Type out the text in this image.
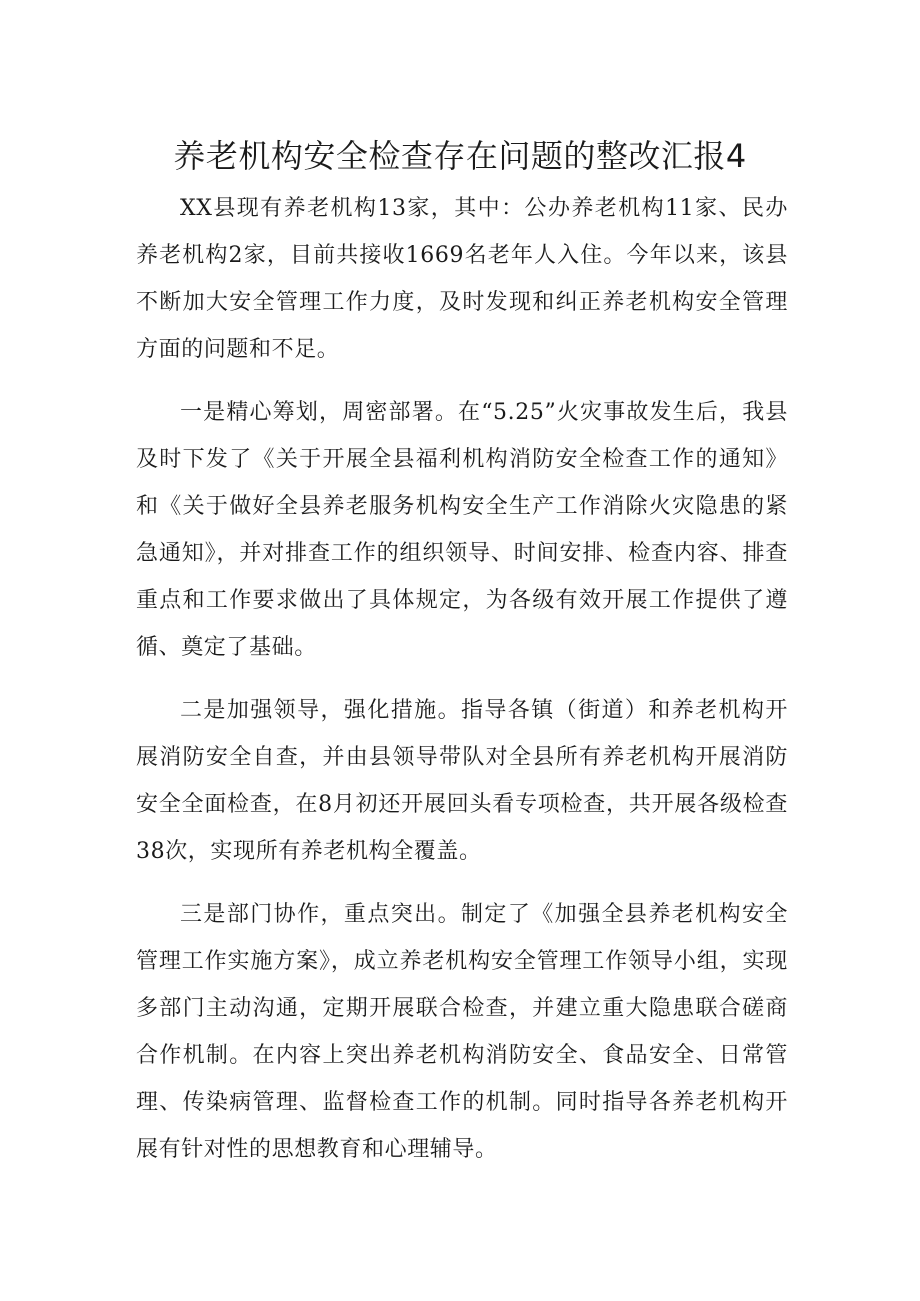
养老机构安全检查存在问题的整改汇报4

XX县现有养老机构13家，其中：公办养老机构11家、民办养老机构2家，目前共接收1669名老年人入住。今年以来，该县不断加大安全管理工作力度，及时发现和纠正养老机构安全管理方面的问题和不足。

一是精心筹划，周密部署。在“5.25”火灾事故发生后，我县及时下发了《关于开展全县福利机构消防安全检查工作的通知》和《关于做好全县养老服务机构安全生产工作消除火灾隐患的紧急通知》，并对排查工作的组织领导、时间安排、检查内容、排查重点和工作要求做出了具体规定，为各级有效开展工作提供了遵循、奠定了基础。

二是加强领导，强化措施。指导各镇（街道）和养老机构开展消防安全自查，并由县领导带队对全县所有养老机构开展消防安全全面检查，在8月初还开展回头看专项检查，共开展各级检查38次，实现所有养老机构全覆盖。

三是部门协作，重点突出。制定了《加强全县养老机构安全管理工作实施方案》，成立养老机构安全管理工作领导小组，实现多部门主动沟通，定期开展联合检查，并建立重大隐患联合磋商合作机制。在内容上突出养老机构消防安全、食品安全、日常管理、传染病管理、监督检查工作的机制。同时指导各养老机构开展有针对性的思想教育和心理辅导。
